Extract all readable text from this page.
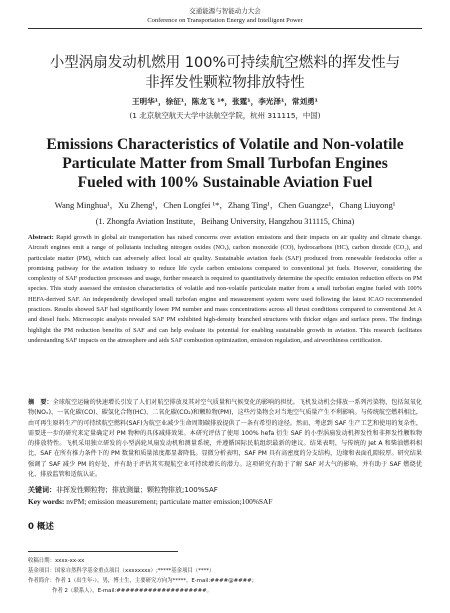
交通能源与智能动力大会
Conference on Transportation Energy and Intelligent Power
小型涡扇发动机燃用 100%可持续航空燃料的挥发性与
非挥发性颗粒物排放特性
王明华¹，徐征¹，陈龙飞 ¹*，张霆¹，李光泽¹，常刘勇¹
(1 北京航空航天大学中法航空学院，杭州 311115，中国)
Emissions Characteristics of Volatile and Non-volatile
Particulate Matter from Small Turbofan Engines
Fueled with 100% Sustainable Aviation Fuel
Wang Minghua¹，Xu Zheng¹，Chen Longfei ¹*，Zhang Ting¹，Chen Guangze¹，Chang Liuyong¹
(1. Zhongfa Aviation Institute，Beihang University, Hangzhou 311115, China)
Abstract: Rapid growth in global air transportation has raised concerns over aviation emissions and their impacts on air quality and climate change. Aircraft engines emit a range of pollutants including nitrogen oxides (NOₓ), carbon monoxide (CO), hydrocarbons (HC), carbon dioxide (CO₂), and particulate matter (PM), which can adversely affect local air quality. Sustainable aviation fuels (SAF) produced from renewable feedstocks offer a promising pathway for the aviation industry to reduce life cycle carbon emissions compared to conventional jet fuels. However, considering the complexity of SAF production processes and usage, further research is required to quantitatively determine the specific emission reduction effects on PM species. This study assessed the emission characteristics of volatile and non-volatile particulate matter from a small turbofan engine fueled with 100% HEFA-derived SAF. An independently developed small turbofan engine and measurement system were used following the latest ICAO recommended practices. Results showed SAF had significantly lower PM number and mass concentrations across all thrust conditions compared to conventional Jet A and diesel fuels. Microscopic analysis revealed SAF PM exhibited high-density branched structures with thicker edges and surface pores. The findings highlight the PM reduction benefits of SAF and can help evaluate its potential for enabling sustainable growth in aviation. This research facilitates understanding SAF impacts on the atmosphere and aids SAF combustion optimization, emission regulation, and airworthiness certification.
摘　要：全球航空运输的快速增长引发了人们对航空排放及其对空气质量和气候变化的影响的担忧。飞机发动机会排放一系列污染物，包括氮氧化物(NOₓ)、一氧化碳(CO)、碳氢化合物(HC)、二氧化碳(CO₂)和颗粒物(PM)，这些污染物会对当地空气质量产生不利影响。与传统航空燃料相比，由可再生原料生产的可持续航空燃料(SAF)为航空业减少生命周期碳排放提供了一条有希望的途径。然而，考虑到 SAF 生产工艺和使用的复杂性，需要进一步的研究来定量确定对 PM 物种的具体减排效果。本研究评估了使用 100% hefa 衍生 SAF 的小型涡扇发动机挥发性和非挥发性颗粒物的排放特性。飞机采用独立研发的小型涡轮风扇发动机和测量系统，并遵循国际民航组织最新的建议。结果表明，与传统的 Jet A 和柴油燃料相比，SAF 在所有推力条件下的 PM 数量和质量浓度都显著降低。显微分析表明，SAF PM 具有高密度的分支结构，边缘和表面孔隙较厚。研究结果强调了 SAF 减少 PM 的好处，并有助于评估其实现航空业可持续增长的潜力。这项研究有助于了解 SAF 对大气的影响，并有助于 SAF 燃烧优化、排放监管和适航认证。
关键词：非挥发性颗粒物；排放测量；颗粒物排放;100%SAF
Key words: nvPM; emission measurement; particulate matter emission;100%SAF
0 概述
收稿日期：xxxx-xx-xx
基金项目：国家自然科学基金重点项目（xxxxxxxx）;*****基金项目（****）
作者简介：作者 1（出生年-），男，博士生，主要研究方向为*****。E-mail:####@####；
作者 2（联系人），E-mail:####################。
